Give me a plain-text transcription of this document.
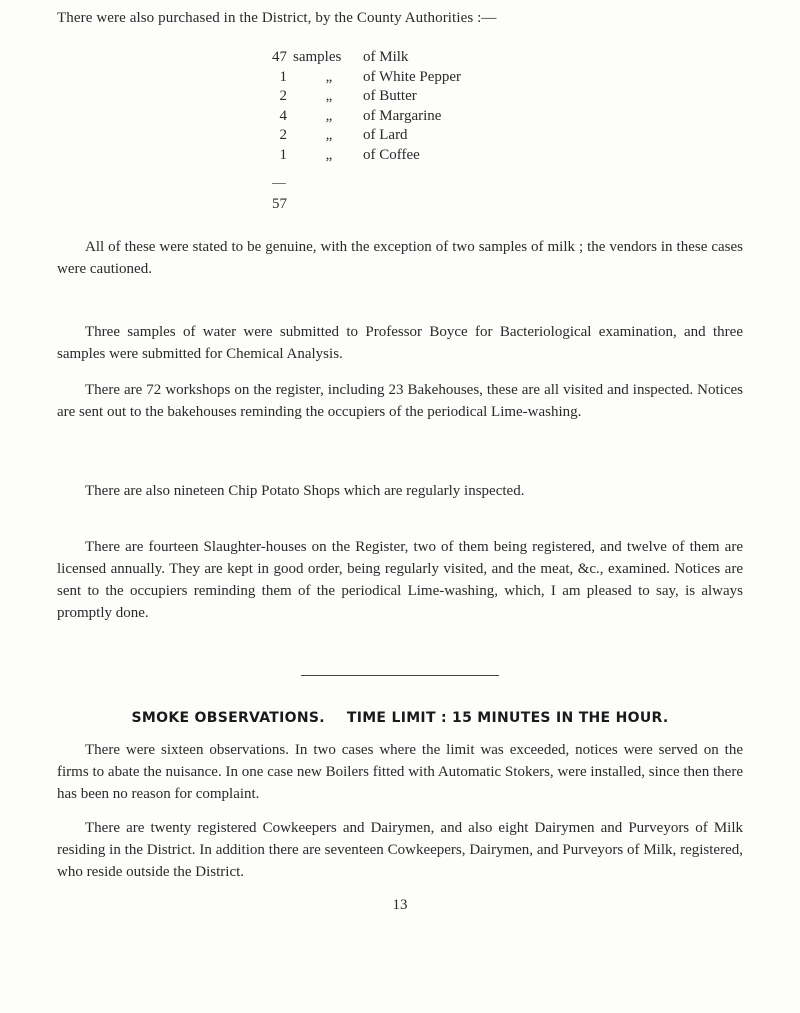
There were also purchased in the District, by the County Authorities :—
47	samples	of Milk
1	„	of White Pepper
2	„	of Butter
4	„	of Margarine
2	„	of Lard
1	„	of Coffee
57

All of these were stated to be genuine, with the exception of two samples of milk ; the vendors in these cases were cautioned.

Three samples of water were submitted to Professor Boyce for Bacteriological examination, and three samples were submitted for Chemical Analysis.

There are 72 workshops on the register, including 23 Bakehouses, these are all visited and inspected. Notices are sent out to the bakehouses reminding the occupiers of the periodical Lime-washing.

There are also nineteen Chip Potato Shops which are regularly inspected.

There are fourteen Slaughter-houses on the Register, two of them being registered, and twelve of them are licensed annually. They are kept in good order, being regularly visited, and the meat, &c., examined. Notices are sent to the occupiers reminding them of the periodical Lime-washing, which, I am pleased to say, is always promptly done.

SMOKE OBSERVATIONS. TIME LIMIT : 15 MINUTES IN THE HOUR.

There were sixteen observations. In two cases where the limit was exceeded, notices were served on the firms to abate the nuisance. In one case new Boilers fitted with Automatic Stokers, were installed, since then there has been no reason for complaint.

There are twenty registered Cowkeepers and Dairymen, and also eight Dairymen and Purveyors of Milk residing in the District. In addition there are seventeen Cowkeepers, Dairymen, and Purveyors of Milk, registered, who reside outside the District.

13
